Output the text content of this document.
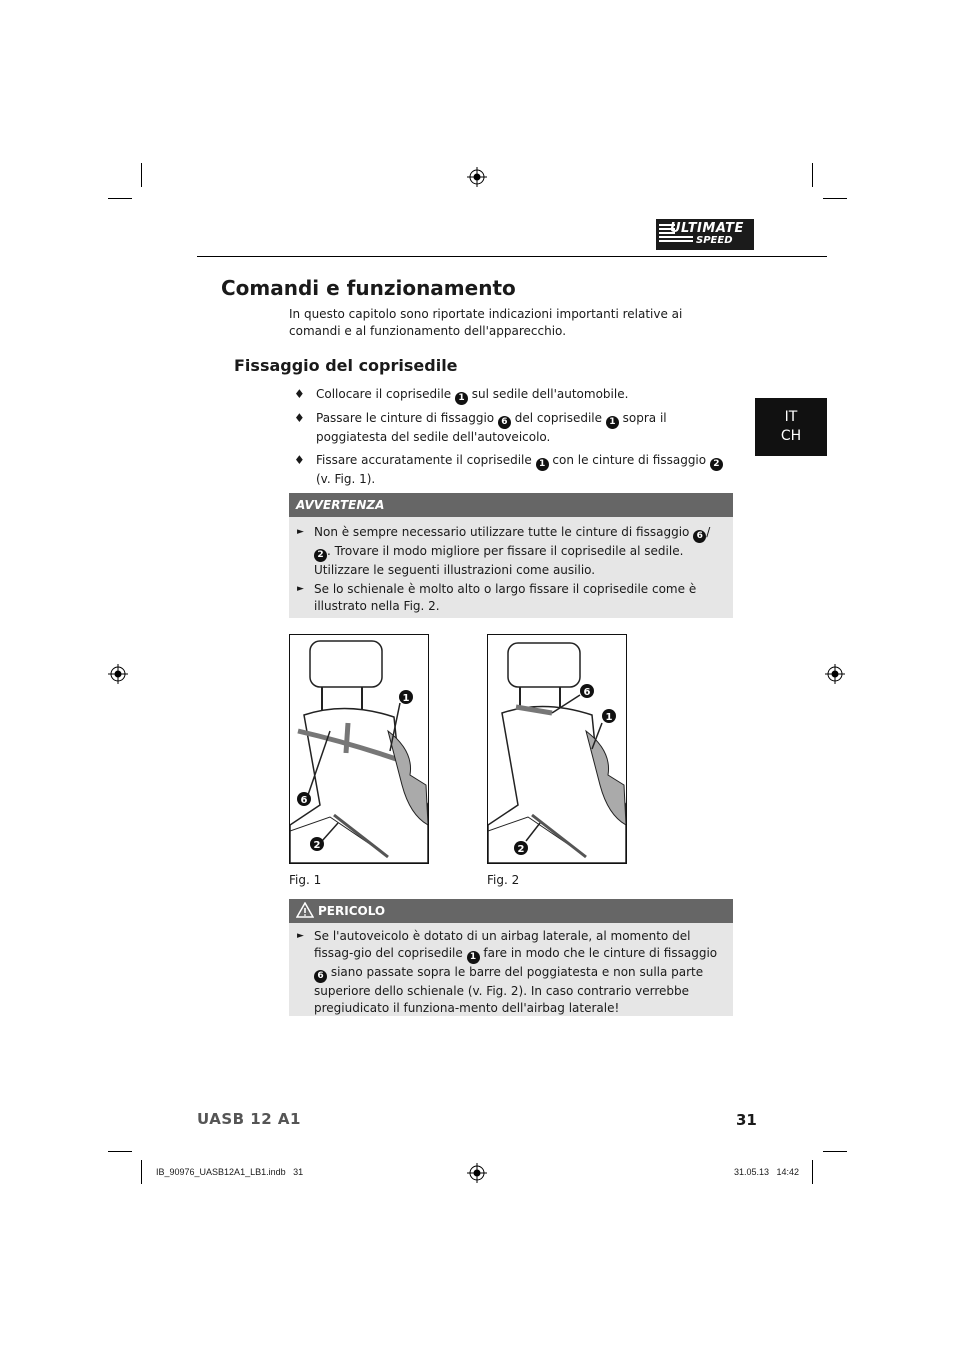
ULTIMATE
SPEED
Comandi e funzionamento
In questo capitolo sono riportate indicazioni importanti relative ai comandi e al funzionamento dell'apparecchio.
Fissaggio del coprisedile
IT
CH
♦ Collocare il coprisedile 1 sul sedile dell'automobile.
♦ Passare le cinture di fissaggio 6 del coprisedile 1 sopra il poggiatesta del sedile dell'autoveicolo.
♦ Fissare accuratamente il coprisedile 1 con le cinture di fissaggio 2 (v. Fig. 1).
AVVERTENZA
► Non è sempre necessario utilizzare tutte le cinture di fissaggio 6 /2 . Trovare il modo migliore per fissare il coprisedile al sedile. Utilizzare le seguenti illustrazioni come ausilio.
► Se lo schienale è molto alto o largo fissare il coprisedile come è illustrato nella Fig. 2.
1
6
2
Fig. 1
6
1
2
Fig. 2
PERICOLO
► Se l'autoveicolo è dotato di un airbag laterale, al momento del fissag-gio del coprisedile 1 fare in modo che le cinture di fissaggio 6 siano passate sopra le barre del poggiatesta e non sulla parte superiore dello schienale (v. Fig. 2). In caso contrario verrebbe pregiudicato il funziona-mento dell'airbag laterale!
UASB 12 A1	31
IB_90976_UASB12A1_LB1.indb   31	31.05.13   14:42
